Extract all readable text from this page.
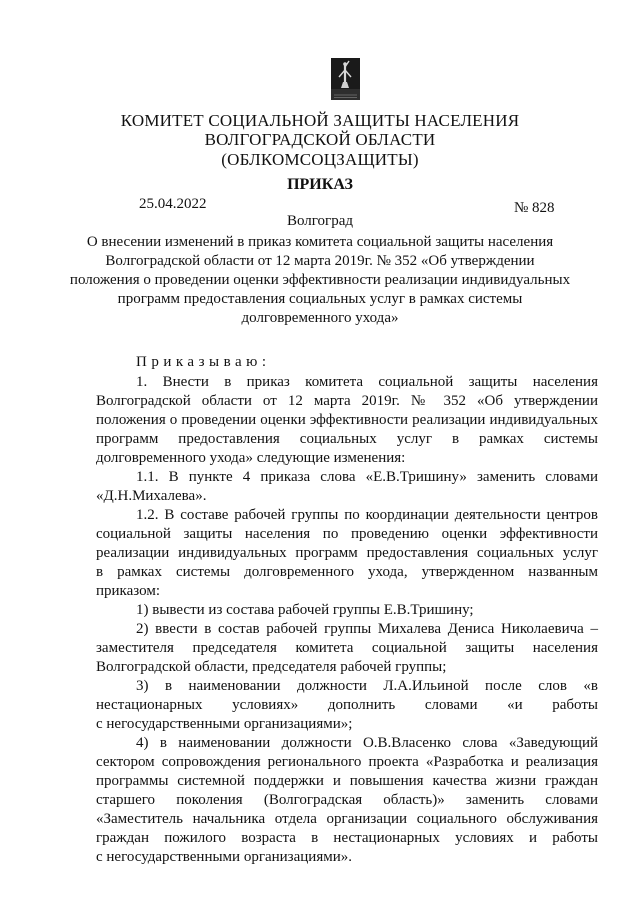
КОМИТЕТ СОЦИАЛЬНОЙ ЗАЩИТЫ НАСЕЛЕНИЯ
ВОЛГОГРАДСКОЙ ОБЛАСТИ
(ОБЛКОМСОЦЗАЩИТЫ)
ПРИКАЗ
25.04.2022	№ 828
Волгоград
О внесении изменений в приказ комитета социальной защиты населения
Волгоградской области от 12 марта 2019г. № 352 «Об утверждении
положения о проведении оценки эффективности реализации индивидуальных
программ предоставления социальных услуг в рамках системы
долговременного ухода»
Приказываю:
1. Внести в приказ комитета социальной защиты населения
Волгоградской области от 12 марта 2019г. № 352 «Об утверждении
положения о проведении оценки эффективности реализации индивидуальных
программ предоставления социальных услуг в рамках системы
долговременного ухода» следующие изменения:
1.1. В пункте 4 приказа слова «Е.В.Тришину» заменить словами
«Д.Н.Михалева».
1.2. В составе рабочей группы по координации деятельности центров
социальной защиты населения по проведению оценки эффективности
реализации индивидуальных программ предоставления социальных услуг
в рамках системы долговременного ухода, утвержденном названным
приказом:
1) вывести из состава рабочей группы Е.В.Тришину;
2) ввести в состав рабочей группы Михалева Дениса Николаевича –
заместителя председателя комитета социальной защиты населения
Волгоградской области, председателя рабочей группы;
3) в наименовании должности Л.А.Ильиной после слов «в
нестационарных условиях» дополнить словами «и работы
с негосударственными организациями»;
4) в наименовании должности О.В.Власенко слова «Заведующий
сектором сопровождения регионального проекта «Разработка и реализация
программы системной поддержки и повышения качества жизни граждан
старшего поколения (Волгоградская область)» заменить словами
«Заместитель начальника отдела организации социального обслуживания
граждан пожилого возраста в нестационарных условиях и работы
с негосударственными организациями».
